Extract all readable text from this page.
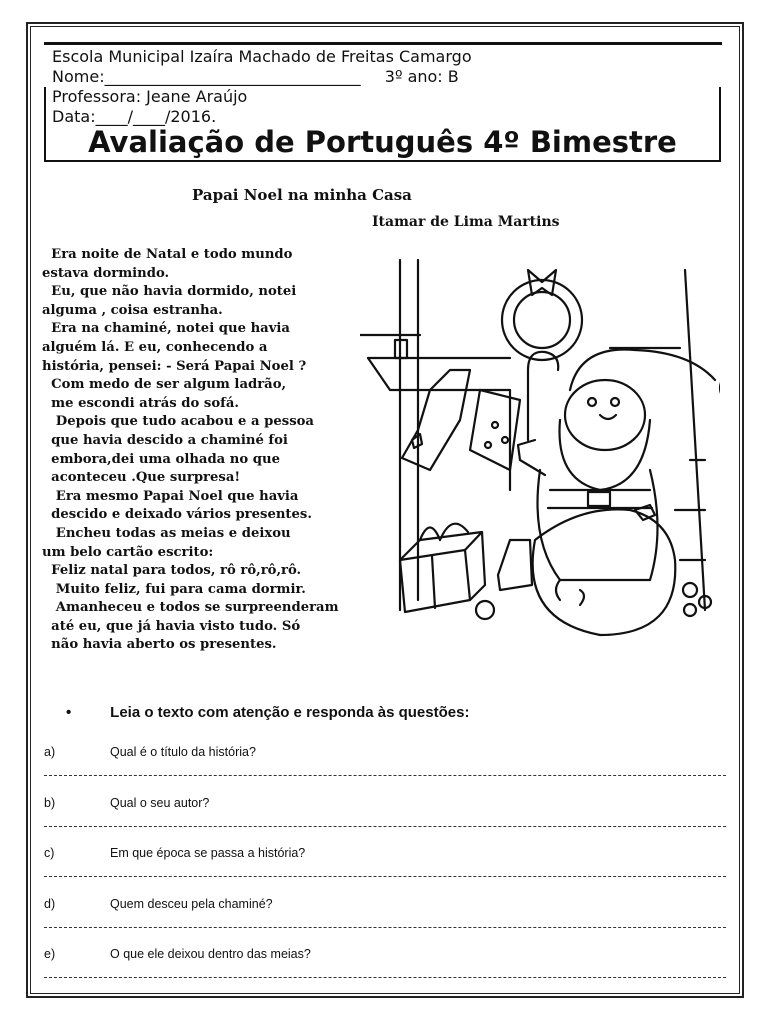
Escola Municipal Izaíra Machado de Freitas Camargo
Nome:________________________________ 3º ano: B
Professora: Jeane Araújo
Data:____/____/2016.
Avaliação de Português 4º Bimestre
Papai Noel na minha Casa
Itamar de Lima Martins
Era noite de Natal e todo mundo
estava dormindo.
Eu, que não havia dormido, notei
alguma , coisa estranha.
Era na chaminé, notei que havia
alguém lá. E eu, conhecendo a
história, pensei: - Será Papai Noel ?
Com medo de ser algum ladrão,
me escondi atrás do sofá.
Depois que tudo acabou e a pessoa
que havia descido a chaminé foi
embora,dei uma olhada no que
aconteceu .Que surpresa!
Era mesmo Papai Noel que havia
descido e deixado vários presentes.
Encheu todas as meias e deixou
um belo cartão escrito:
Feliz natal para todos, rô rô,rô,rô.
Muito feliz, fui para cama dormir.
Amanheceu e todos se surpreenderam
até eu, que já havia visto tudo. Só
não havia aberto os presentes.
•	Leia o texto com atenção e responda às questões:
a)	Qual é o título da história?
b)	Qual o seu autor?
c)	Em que época se passa a história?
d)	Quem desceu pela chaminé?
e)	O que ele deixou dentro das meias?
